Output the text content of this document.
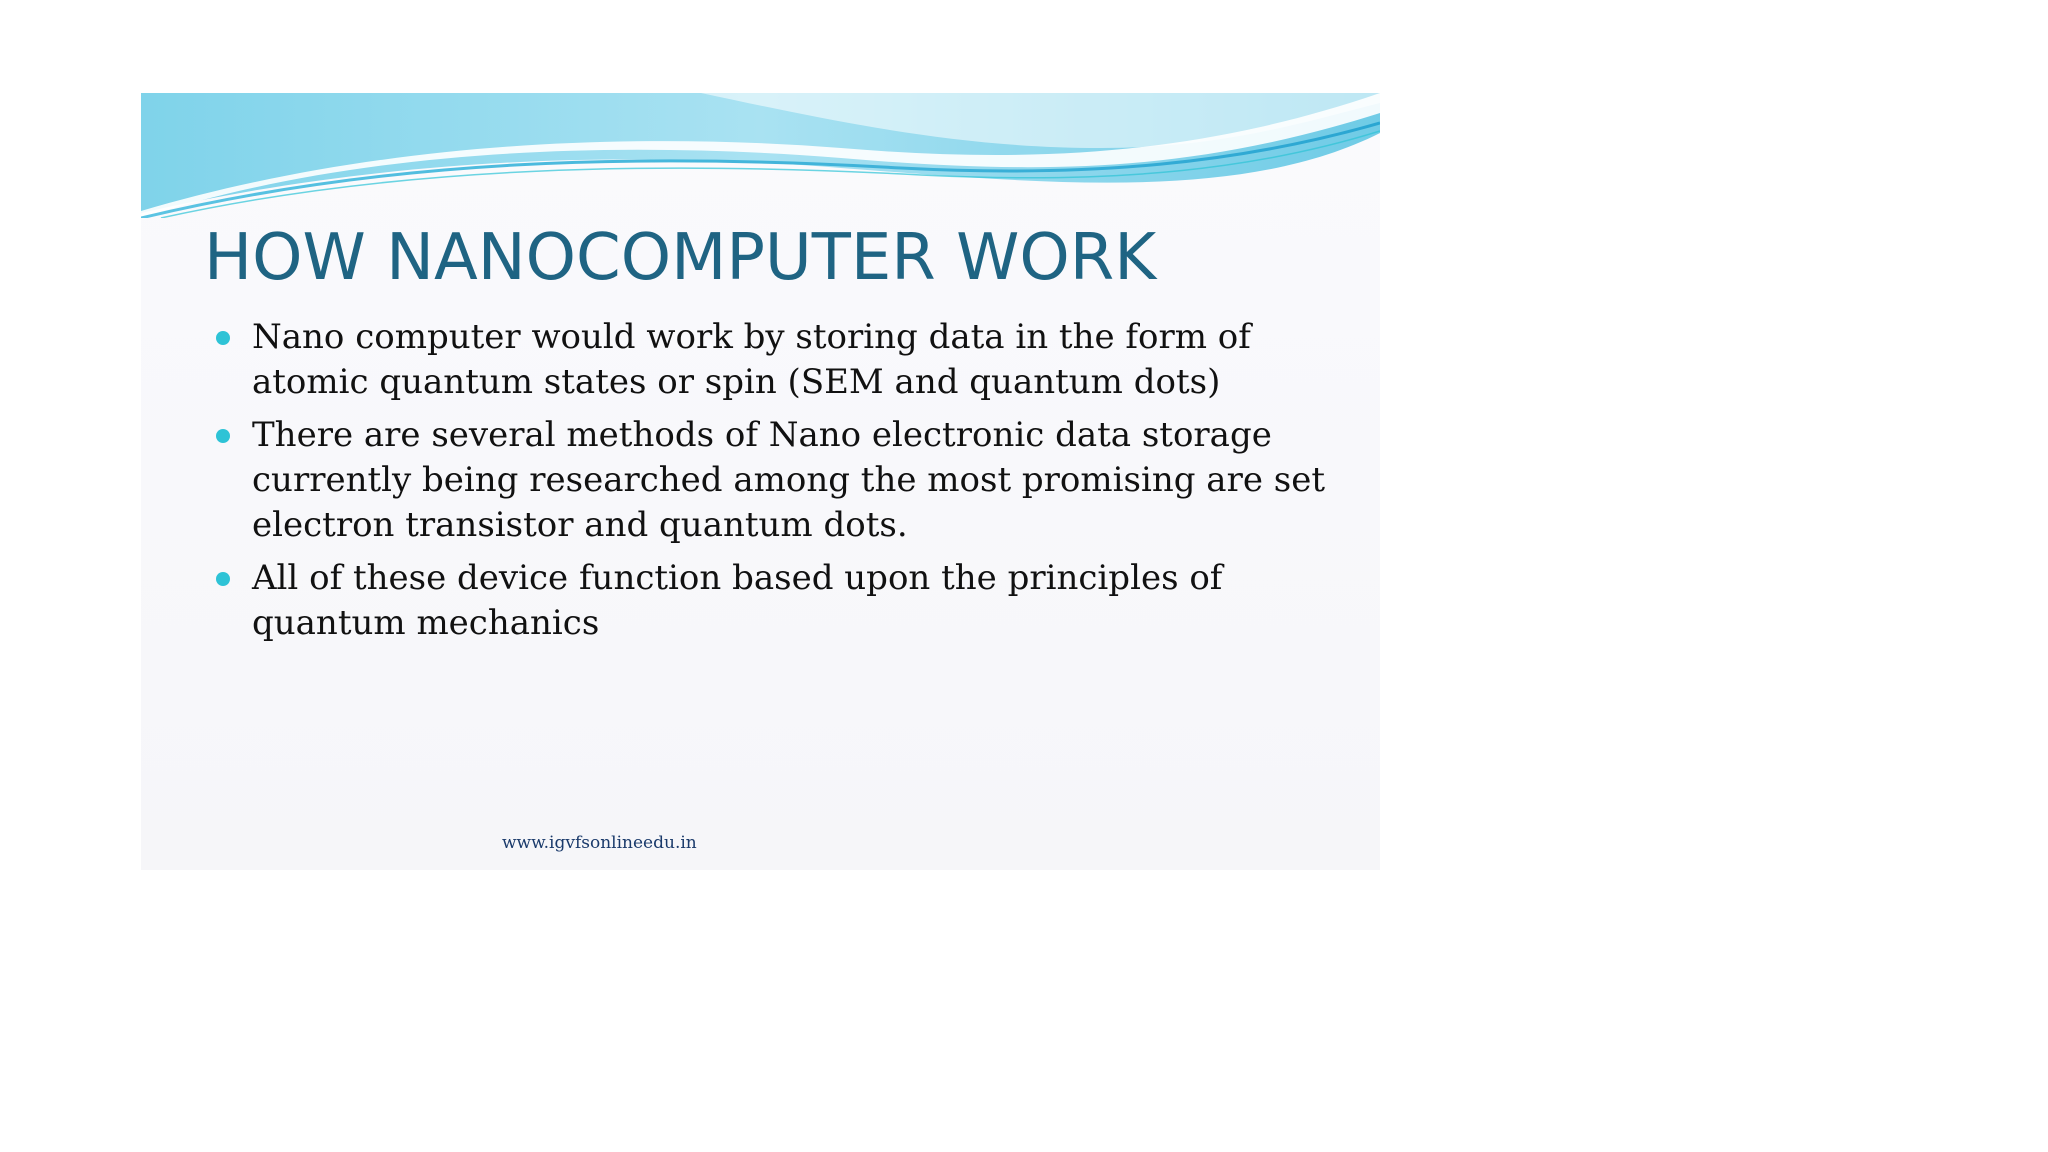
HOW NANOCOMPUTER WORK
Nano computer would work by storing data in the form of atomic quantum states or spin (SEM and quantum dots)
There are several methods of Nano electronic data storage currently being researched among the most promising are set electron transistor and quantum dots.
All of these device function based upon the principles of quantum mechanics
www.igvfsonlineedu.in
